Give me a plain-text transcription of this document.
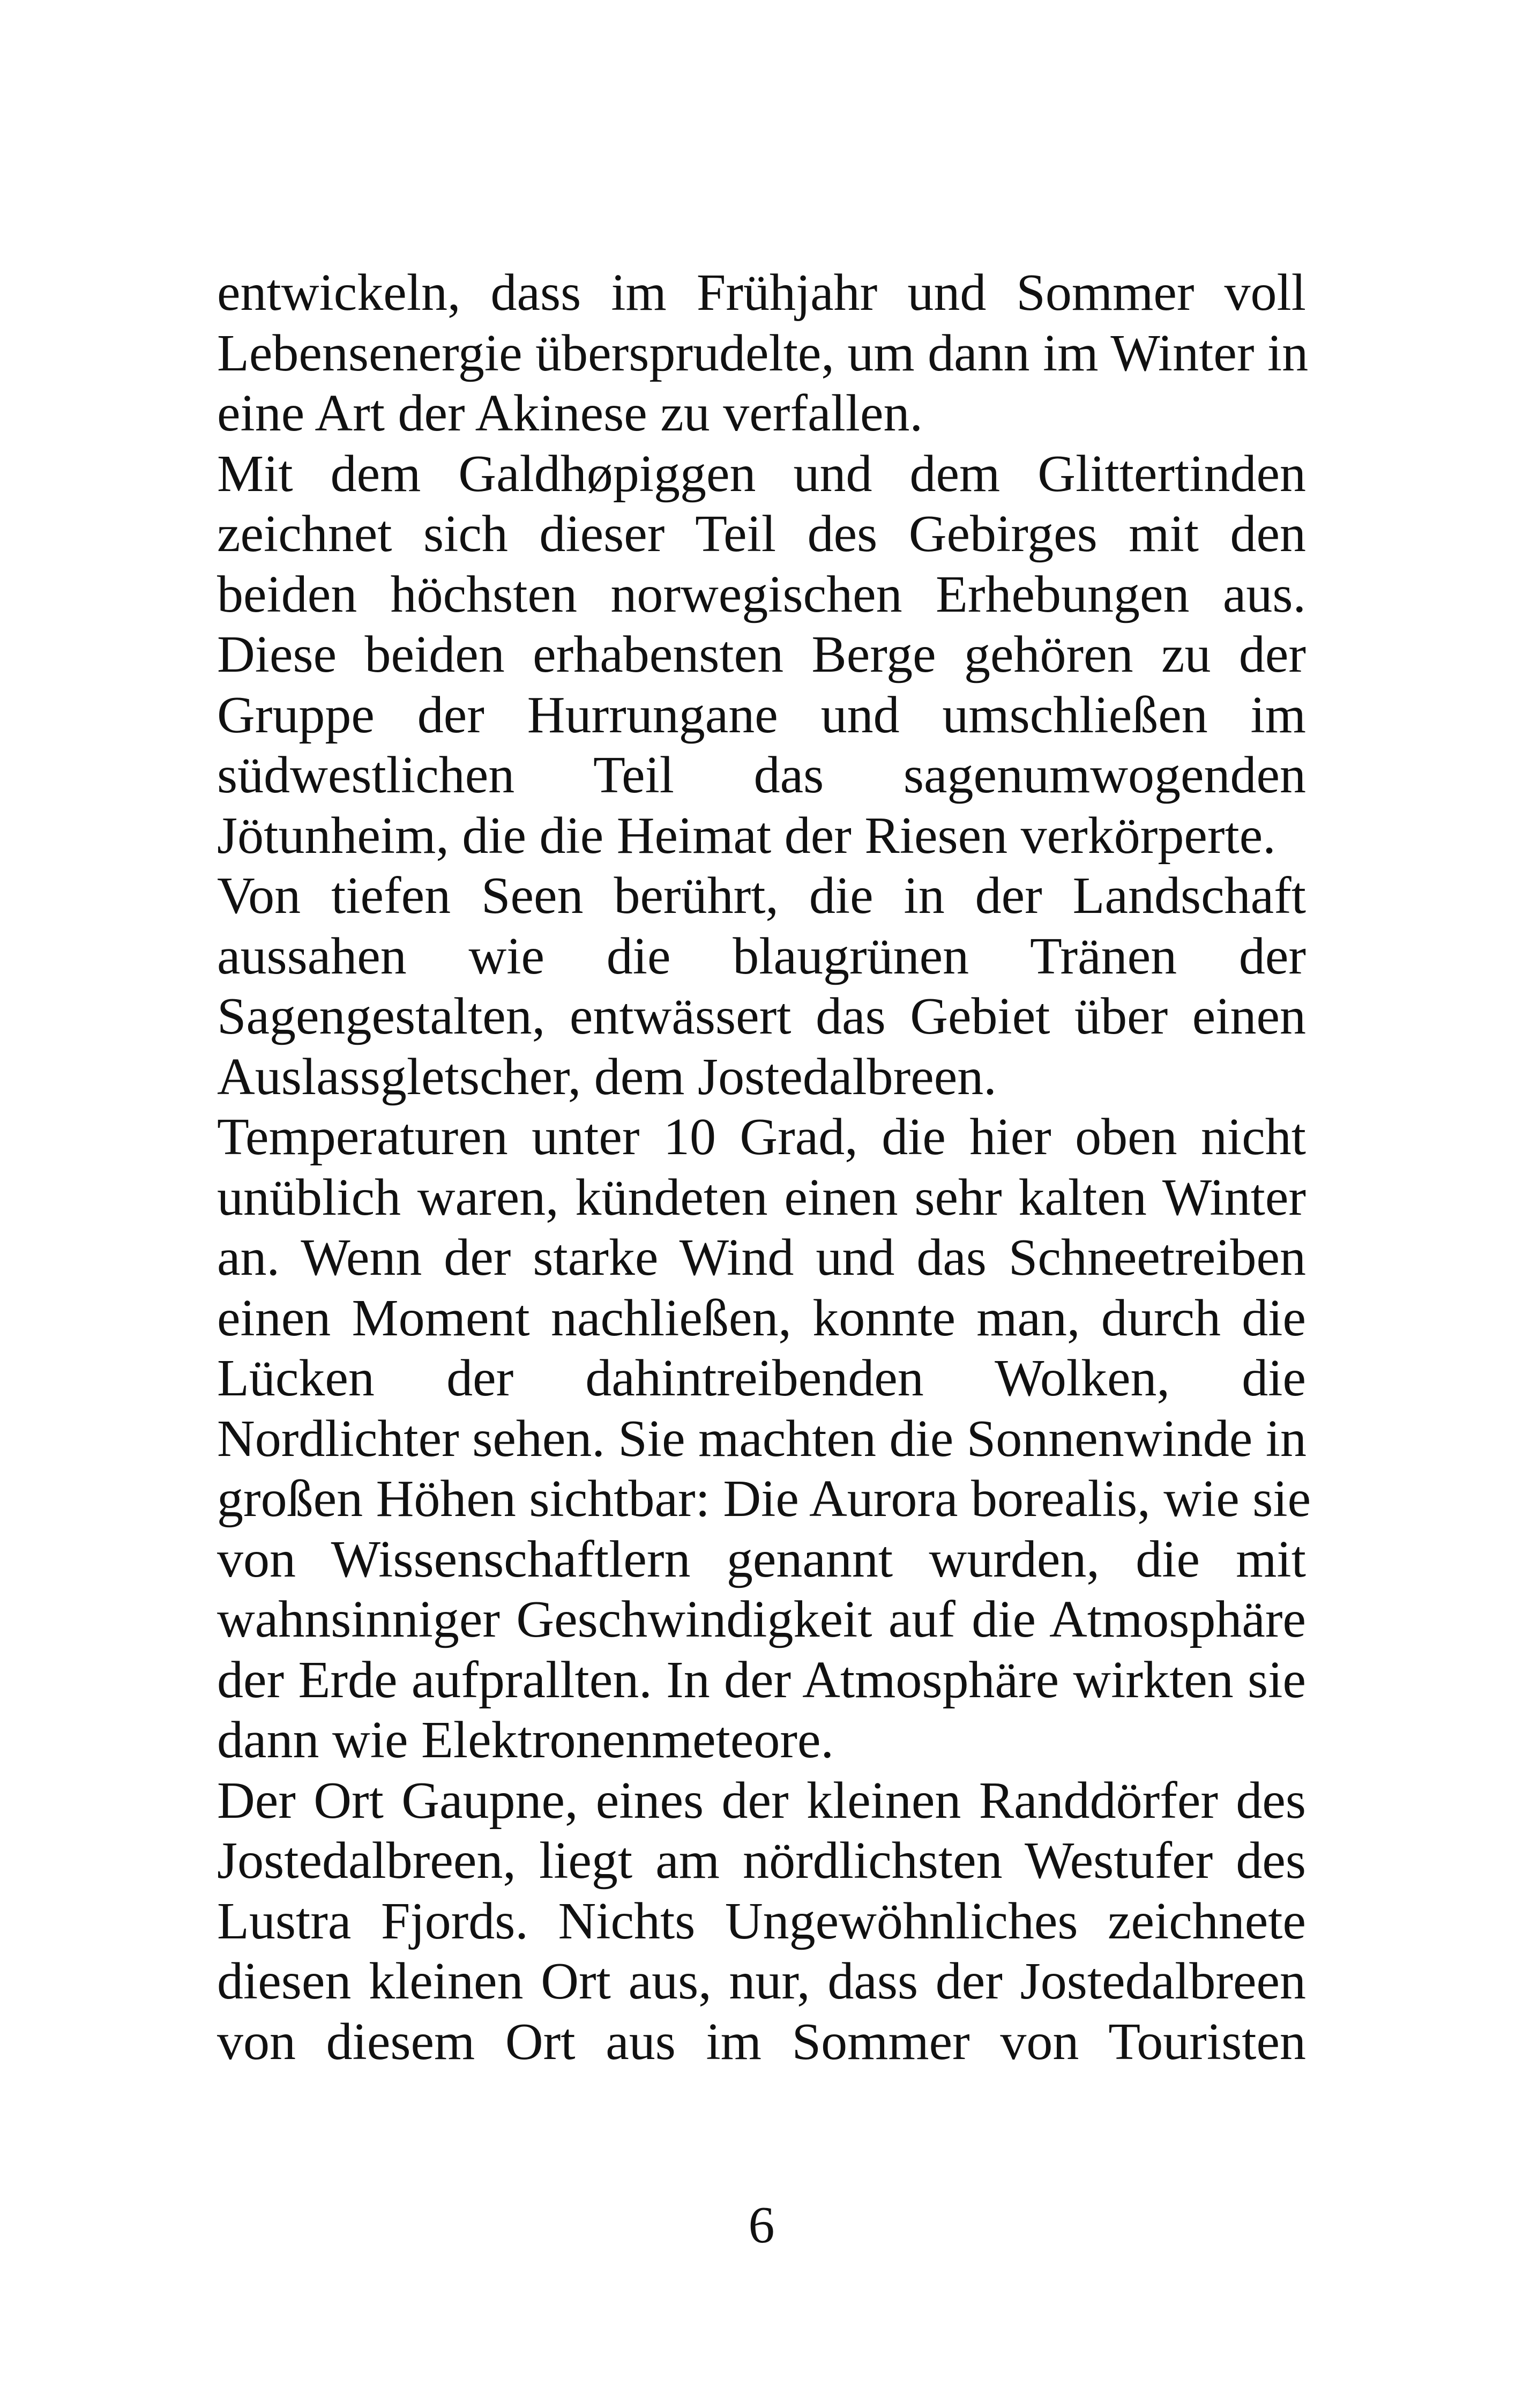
entwickeln, dass im Frühjahr und Sommer voll
Lebensenergie übersprudelte, um dann im Winter in
eine Art der Akinese zu verfallen.
Mit dem Galdhøpiggen und dem Glittertinden
zeichnet sich dieser Teil des Gebirges mit den
beiden höchsten norwegischen Erhebungen aus.
Diese beiden erhabensten Berge gehören zu der
Gruppe der Hurrungane und umschließen im
südwestlichen Teil das sagenumwogenden
Jötunheim, die die Heimat der Riesen verkörperte.
Von tiefen Seen berührt, die in der Landschaft
aussahen wie die blaugrünen Tränen der
Sagengestalten, entwässert das Gebiet über einen
Auslassgletscher, dem Jostedalbreen.
Temperaturen unter 10 Grad, die hier oben nicht
unüblich waren, kündeten einen sehr kalten Winter
an. Wenn der starke Wind und das Schneetreiben
einen Moment nachließen, konnte man, durch die
Lücken der dahintreibenden Wolken, die
Nordlichter sehen. Sie machten die Sonnenwinde in
großen Höhen sichtbar: Die Aurora borealis, wie sie
von Wissenschaftlern genannt wurden, die mit
wahnsinniger Geschwindigkeit auf die Atmosphäre
der Erde aufprallten. In der Atmosphäre wirkten sie
dann wie Elektronenmeteore.
Der Ort Gaupne, eines der kleinen Randdörfer des
Jostedalbreen, liegt am nördlichsten Westufer des
Lustra Fjords. Nichts Ungewöhnliches zeichnete
diesen kleinen Ort aus, nur, dass der Jostedalbreen
von diesem Ort aus im Sommer von Touristen
6
